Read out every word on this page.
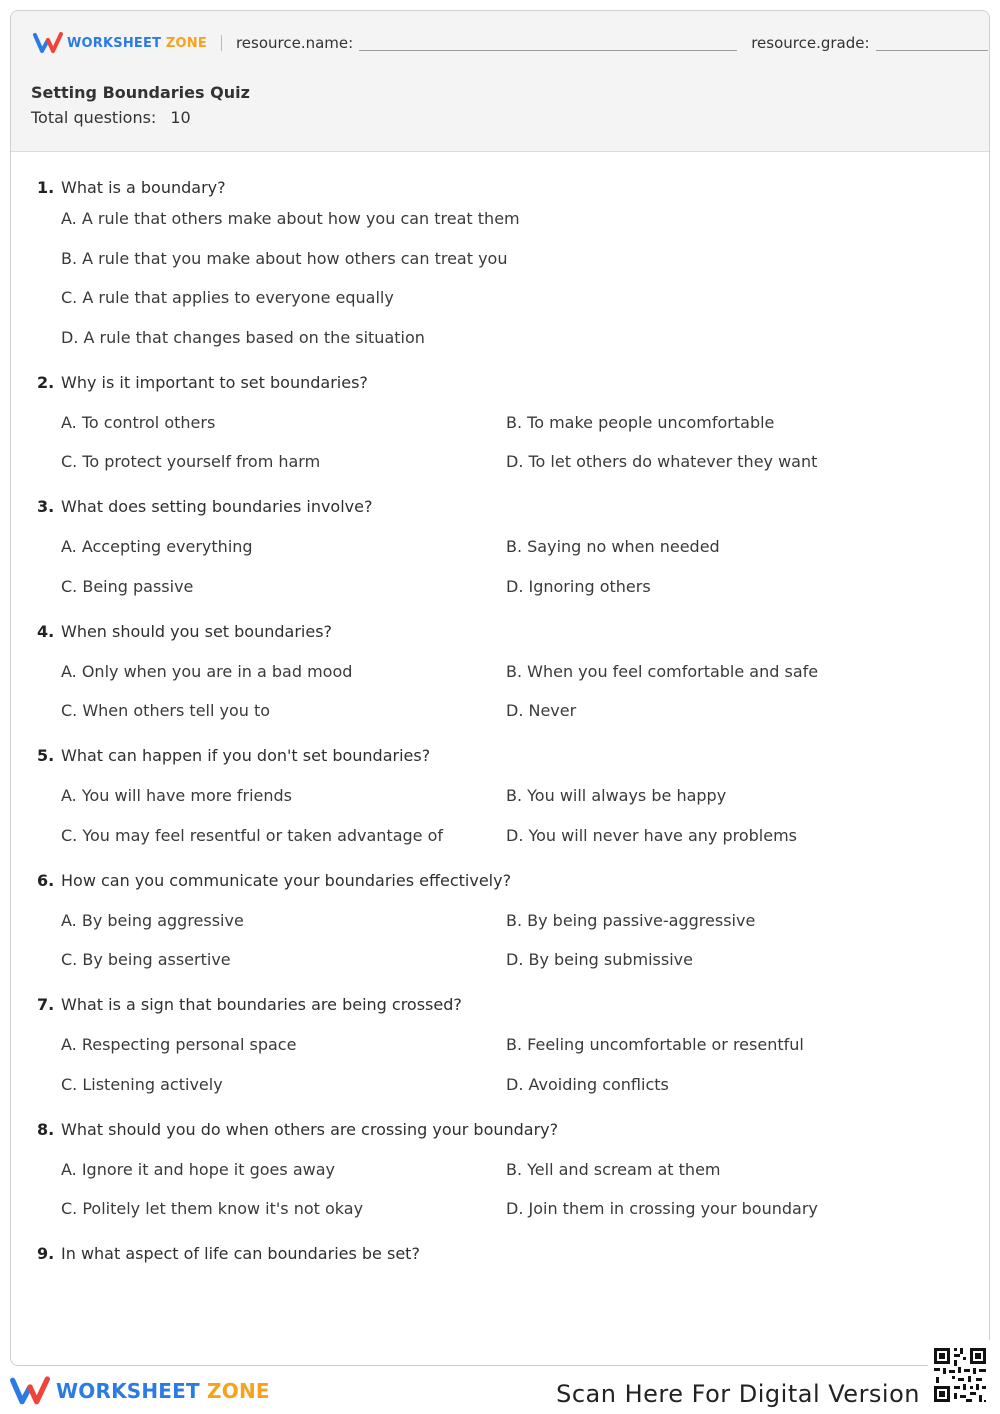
WORKSHEET ZONE resource.name:	resource.grade:
Setting Boundaries Quiz
Total questions: 10
1. What is a boundary?
A. A rule that others make about how you can treat them
B. A rule that you make about how others can treat you
C. A rule that applies to everyone equally
D. A rule that changes based on the situation
2. Why is it important to set boundaries?
A. To control others	B. To make people uncomfortable
C. To protect yourself from harm	D. To let others do whatever they want
3. What does setting boundaries involve?
A. Accepting everything	B. Saying no when needed
C. Being passive	D. Ignoring others
4. When should you set boundaries?
A. Only when you are in a bad mood	B. When you feel comfortable and safe
C. When others tell you to	D. Never
5. What can happen if you don't set boundaries?
A. You will have more friends	B. You will always be happy
C. You may feel resentful or taken advantage of	D. You will never have any problems
6. How can you communicate your boundaries effectively?
A. By being aggressive	B. By being passive-aggressive
C. By being assertive	D. By being submissive
7. What is a sign that boundaries are being crossed?
A. Respecting personal space	B. Feeling uncomfortable or resentful
C. Listening actively	D. Avoiding conflicts
8. What should you do when others are crossing your boundary?
A. Ignore it and hope it goes away	B. Yell and scream at them
C. Politely let them know it's not okay	D. Join them in crossing your boundary
9. In what aspect of life can boundaries be set?
WORKSHEET ZONE	Scan Here For Digital Version
